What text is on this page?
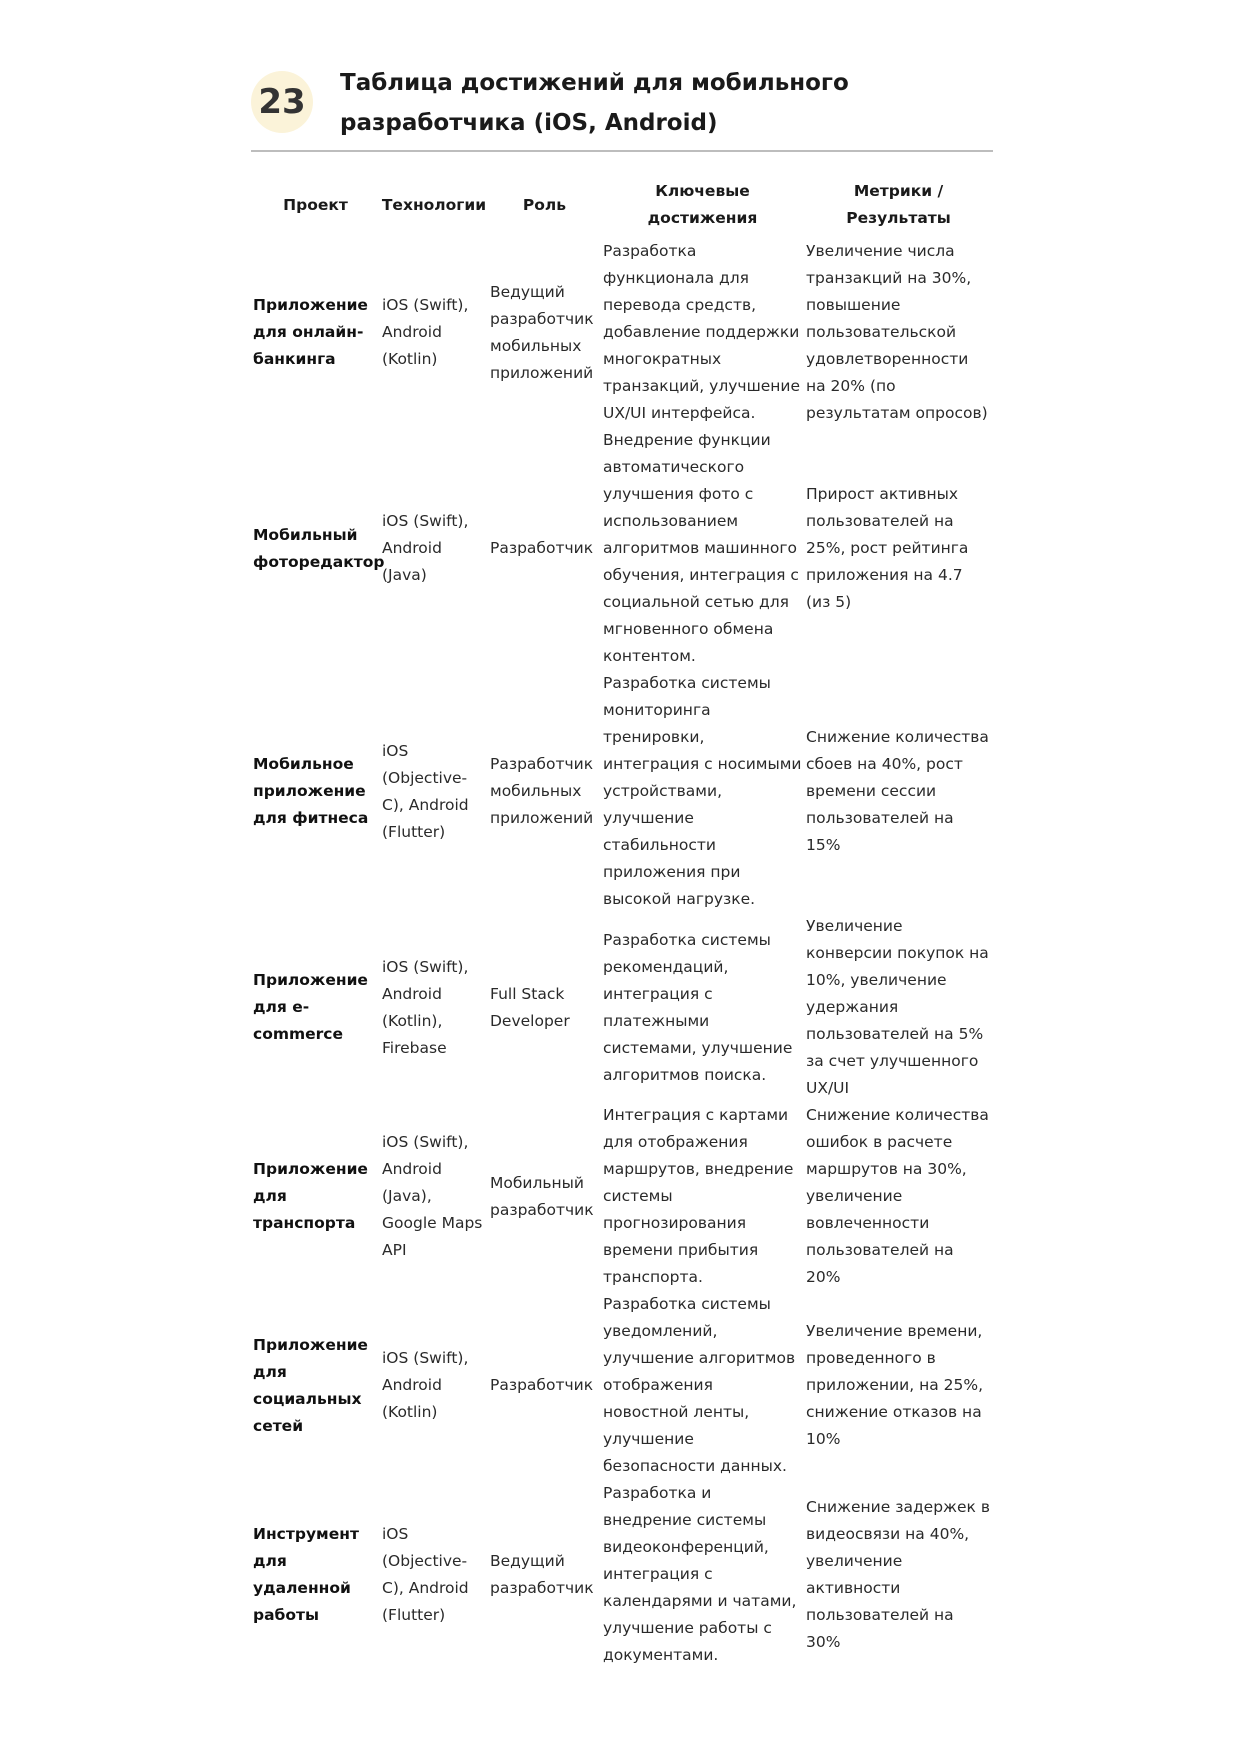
23	Таблица достижений для мобильного
разработчика (iOS, Android)
Проект	Технологии	Роль	Ключевые достижения	Метрики / Результаты
Приложение для онлайн-банкинга	iOS (Swift), Android (Kotlin)	Ведущий разработчик мобильных приложений	Разработка функционала для перевода средств, добавление поддержки многократных транзакций, улучшение UX/UI интерфейса.	Увеличение числа транзакций на 30%, повышение пользовательской удовлетворенности на 20% (по результатам опросов)
Мобильный фоторедактор	iOS (Swift), Android (Java)	Разработчик	Внедрение функции автоматического улучшения фото с использованием алгоритмов машинного обучения, интеграция с социальной сетью для мгновенного обмена контентом.	Прирост активных пользователей на 25%, рост рейтинга приложения на 4.7 (из 5)
Мобильное приложение для фитнеса	iOS (Objective-C), Android (Flutter)	Разработчик мобильных приложений	Разработка системы мониторинга тренировки, интеграция с носимыми устройствами, улучшение стабильности приложения при высокой нагрузке.	Снижение количества сбоев на 40%, рост времени сессии пользователей на 15%
Приложение для e-commerce	iOS (Swift), Android (Kotlin), Firebase	Full Stack Developer	Разработка системы рекомендаций, интеграция с платежными системами, улучшение алгоритмов поиска.	Увеличение конверсии покупок на 10%, увеличение удержания пользователей на 5% за счет улучшенного UX/UI
Приложение для транспорта	iOS (Swift), Android (Java), Google Maps API	Мобильный разработчик	Интеграция с картами для отображения маршрутов, внедрение системы прогнозирования времени прибытия транспорта.	Снижение количества ошибок в расчете маршрутов на 30%, увеличение вовлеченности пользователей на 20%
Приложение для социальных сетей	iOS (Swift), Android (Kotlin)	Разработчик	Разработка системы уведомлений, улучшение алгоритмов отображения новостной ленты, улучшение безопасности данных.	Увеличение времени, проведенного в приложении, на 25%, снижение отказов на 10%
Инструмент для удаленной работы	iOS (Objective-C), Android (Flutter)	Ведущий разработчик	Разработка и внедрение системы видеоконференций, интеграция с календарями и чатами, улучшение работы с документами.	Снижение задержек в видеосвязи на 40%, увеличение активности пользователей на 30%
